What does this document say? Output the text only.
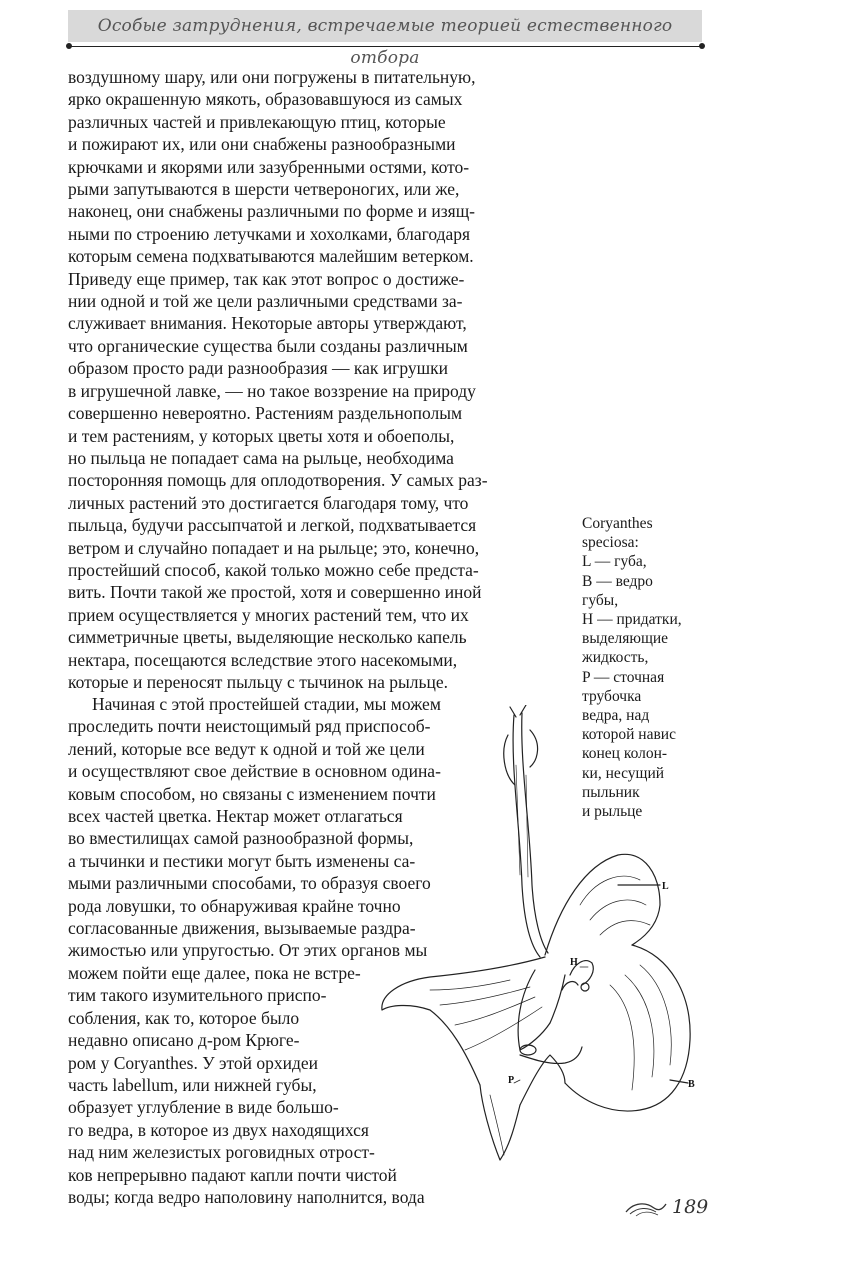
Особые затруднения, встречаемые теорией естественного отбора
воздушному шару, или они погружены в питательную,
ярко окрашенную мякоть, образовавшуюся из самых
различных частей и привлекающую птиц, которые
и пожирают их, или они снабжены разнообразными
крючками и якорями или зазубренными остями, кото-
рыми запутываются в шерсти четвероногих, или же,
наконец, они снабжены различными по форме и изящ-
ными по строению летучками и хохолками, благодаря
которым семена подхватываются малейшим ветерком.
Приведу еще пример, так как этот вопрос о достиже-
нии одной и той же цели различными средствами за-
служивает внимания. Некоторые авторы утверждают,
что органические существа были созданы различным
образом просто ради разнообразия — как игрушки
в игрушечной лавке, — но такое воззрение на природу
совершенно невероятно. Растениям раздельнополым
и тем растениям, у которых цветы хотя и обоеполы,
но пыльца не попадает сама на рыльце, необходима
посторонняя помощь для оплодотворения. У самых раз-
личных растений это достигается благодаря тому, что
пыльца, будучи рассыпчатой и легкой, подхватывается
ветром и случайно попадает и на рыльце; это, конечно,
простейший способ, какой только можно себе предста-
вить. Почти такой же простой, хотя и совершенно иной
прием осуществляется у многих растений тем, что их
симметричные цветы, выделяющие несколько капель
нектара, посещаются вследствие этого насекомыми,
которые и переносят пыльцу с тычинок на рыльце.
Начиная с этой простейшей стадии, мы можем
проследить почти неистощимый ряд приспособ-
лений, которые все ведут к одной и той же цели
и осуществляют свое действие в основном одина-
ковым способом, но связаны с изменением почти
всех частей цветка. Нектар может отлагаться
во вместилищах самой разнообразной формы,
а тычинки и пестики могут быть изменены са-
мыми различными способами, то образуя своего
рода ловушки, то обнаруживая крайне точно
согласованные движения, вызываемые раздра-
жимостью или упругостью. От этих органов мы
можем пойти еще далее, пока не встре-
тим такого изумительного приспо-
собления, как то, которое было
недавно описано д-ром Крюге-
ром у Coryanthes. У этой орхидеи
часть labellum, или нижней губы,
образует углубление в виде большо-
го ведра, в которое из двух находящихся
над ним железистых роговидных отрост-
ков непрерывно падают капли почти чистой
воды; когда ведро наполовину наполнится, вода
Coryanthes
speciosa:
L — губа,
B — ведро
губы,
H — придатки,
выделяющие
жидкость,
P — сточная
трубочка
ведра, над
которой навис
конец колон-
ки, несущий
пыльник
и рыльце
L
H
P	B
189
